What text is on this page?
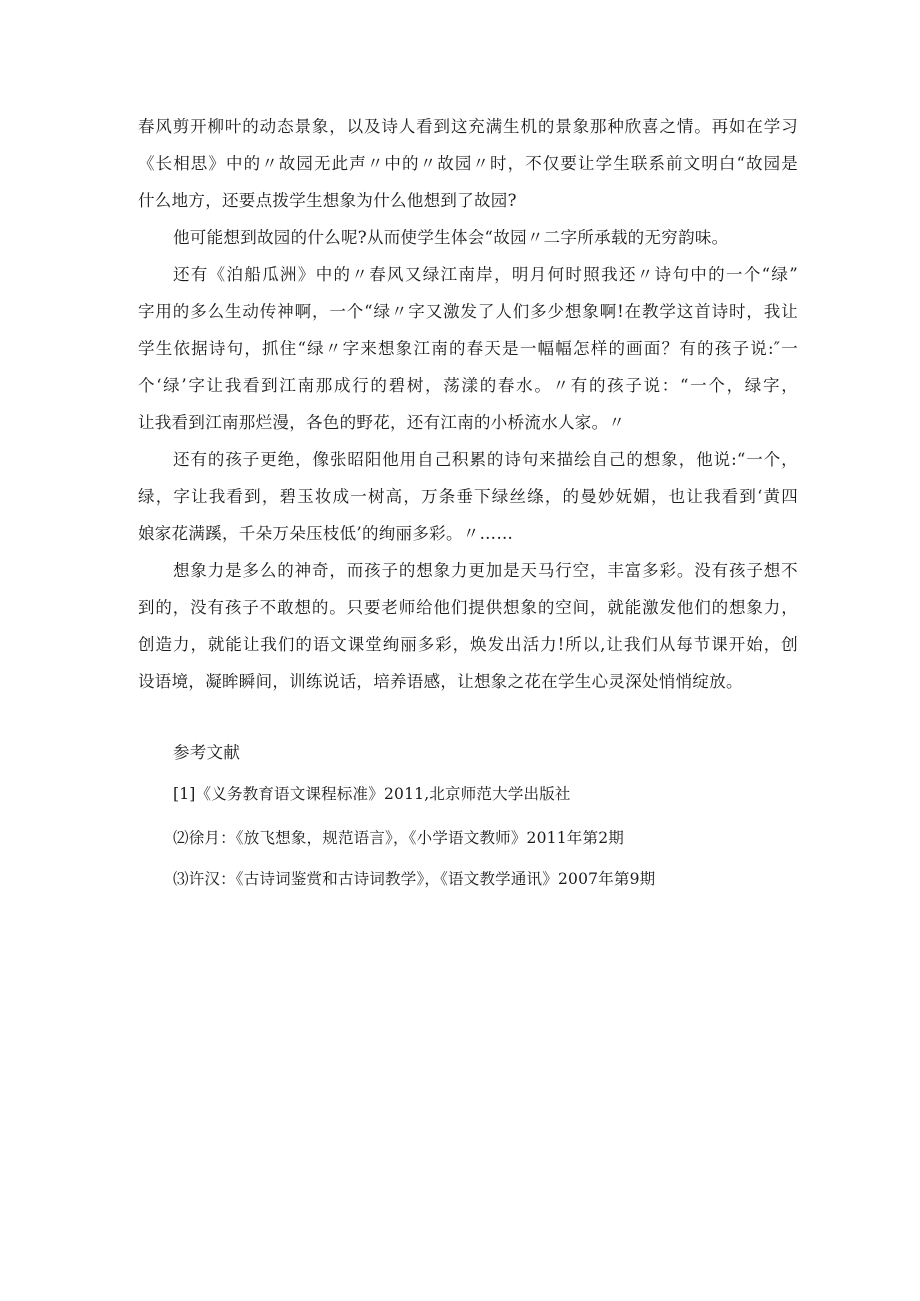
春风剪开柳叶的动态景象，以及诗人看到这充满生机的景象那种欣喜之情。再如在学习
《长相思》中的〃故园无此声〃中的〃故园〃时，不仅要让学生联系前文明白“故园是
什么地方，还要点拨学生想象为什么他想到了故园?
他可能想到故园的什么呢?从而使学生体会“故园〃二字所承载的无穷韵味。
还有《泊船瓜洲》中的〃春风又绿江南岸，明月何时照我还〃诗句中的一个“绿”
字用的多么生动传神啊，一个“绿〃字又激发了人们多少想象啊!在教学这首诗时，我让
学生依据诗句，抓住“绿〃字来想象江南的春天是一幅幅怎样的画面？有的孩子说:″一
个‘绿’字让我看到江南那成行的碧树，荡漾的春水。〃有的孩子说：“一个，绿字，
让我看到江南那烂漫，各色的野花，还有江南的小桥流水人家。〃
还有的孩子更绝，像张昭阳他用自己积累的诗句来描绘自己的想象，他说:“一个，
绿，字让我看到，碧玉妆成一树高，万条垂下绿丝绦，的曼妙妩媚，也让我看到‘黄四
娘家花满蹊，千朵万朵压枝低’的绚丽多彩。〃……
想象力是多么的神奇，而孩子的想象力更加是天马行空，丰富多彩。没有孩子想不
到的，没有孩子不敢想的。只要老师给他们提供想象的空间，就能激发他们的想象力，
创造力，就能让我们的语文课堂绚丽多彩，焕发出活力!所以,让我们从每节课开始，创
设语境，凝眸瞬间，训练说话，培养语感，让想象之花在学生心灵深处悄悄绽放。
参考文献
[1]《义务教育语文课程标准》2011,北京师范大学出版社
⑵徐月：《放飞想象，规范语言》，《小学语文教师》2011年第2期
⑶许汉：《古诗词鉴赏和古诗词教学》，《语文教学通讯》2007年第9期
